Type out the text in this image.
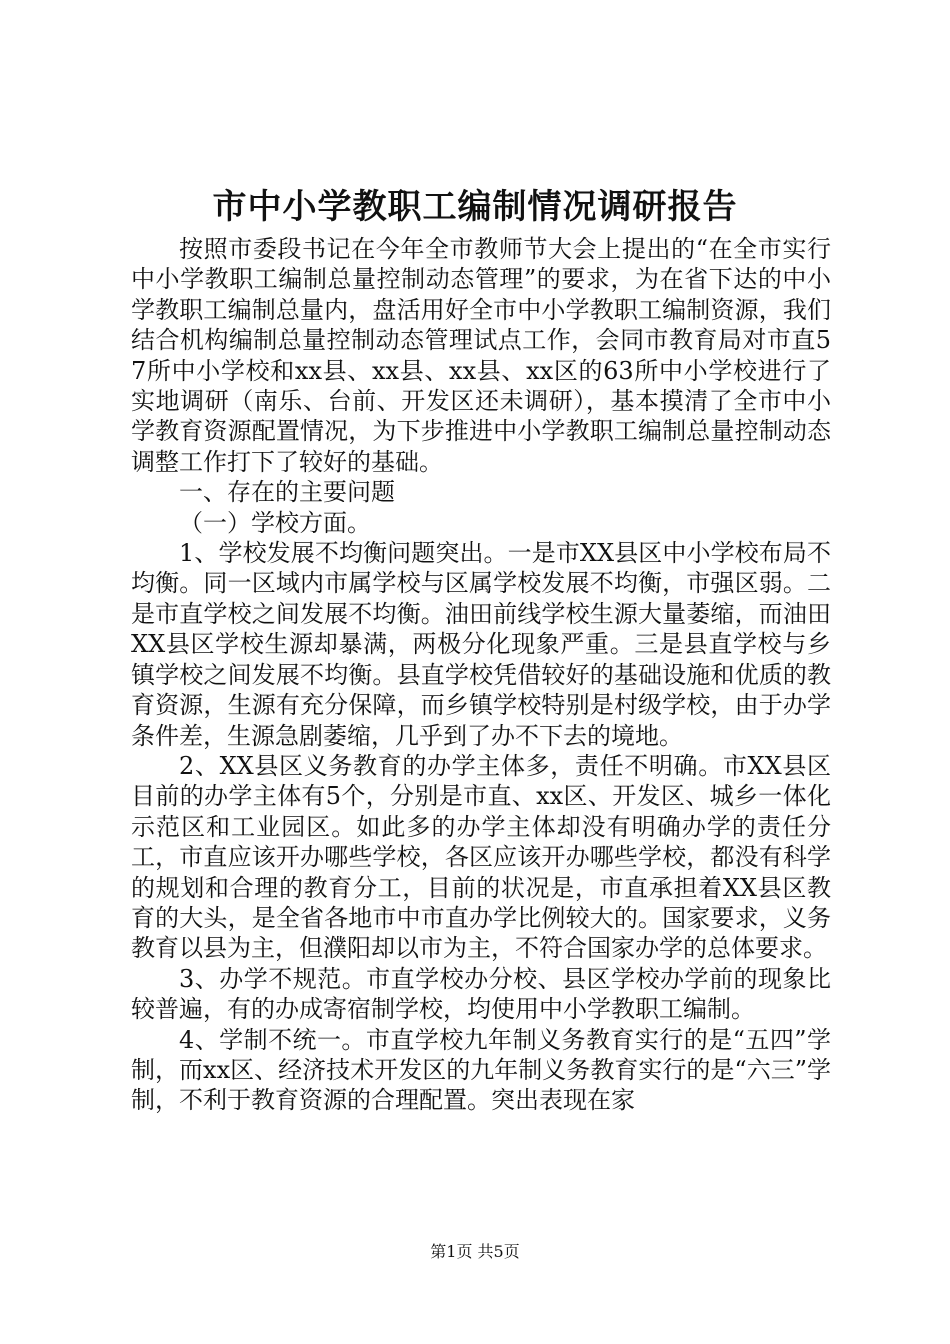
市中小学教职工编制情况调研报告

按照市委段书记在今年全市教师节大会上提出的“在全市实行中小学教职工编制总量控制动态管理”的要求，为在省下达的中小学教职工编制总量内，盘活用好全市中小学教职工编制资源，我们结合机构编制总量控制动态管理试点工作，会同市教育局对市直57所中小学校和xx县、xx县、xx县、xx区的63所中小学校进行了实地调研（南乐、台前、开发区还未调研），基本摸清了全市中小学教育资源配置情况，为下步推进中小学教职工编制总量控制动态调整工作打下了较好的基础。

一、存在的主要问题

（一）学校方面。

1、学校发展不均衡问题突出。一是市XX县区中小学校布局不均衡。同一区域内市属学校与区属学校发展不均衡，市强区弱。二是市直学校之间发展不均衡。油田前线学校生源大量萎缩，而油田XX县区学校生源却暴满，两极分化现象严重。三是县直学校与乡镇学校之间发展不均衡。县直学校凭借较好的基础设施和优质的教育资源，生源有充分保障，而乡镇学校特别是村级学校，由于办学条件差，生源急剧萎缩，几乎到了办不下去的境地。

2、XX县区义务教育的办学主体多，责任不明确。市XX县区目前的办学主体有5个，分别是市直、xx区、开发区、城乡一体化示范区和工业园区。如此多的办学主体却没有明确办学的责任分工，市直应该开办哪些学校，各区应该开办哪些学校，都没有科学的规划和合理的教育分工，目前的状况是，市直承担着XX县区教育的大头，是全省各地市中市直办学比例较大的。国家要求，义务教育以县为主，但濮阳却以市为主，不符合国家办学的总体要求。

3、办学不规范。市直学校办分校、县区学校办学前的现象比较普遍，有的办成寄宿制学校，均使用中小学教职工编制。

4、学制不统一。市直学校九年制义务教育实行的是“五四”学制，而xx区、经济技术开发区的九年制义务教育实行的是“六三”学制，不利于教育资源的合理配置。突出表现在家

第1页 共5页
